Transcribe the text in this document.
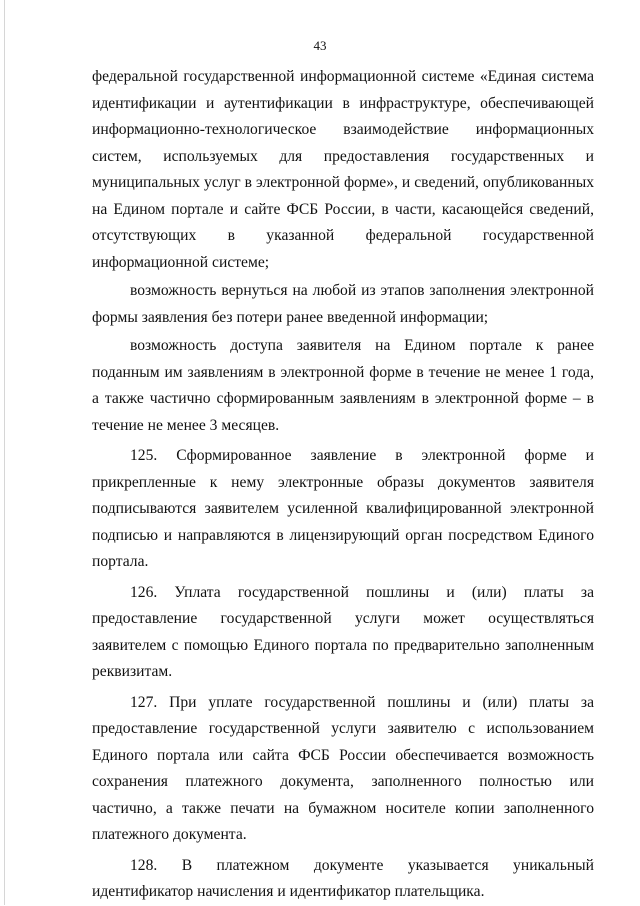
43

федеральной государственной информационной системе «Единая система идентификации и аутентификации в инфраструктуре, обеспечивающей информационно-технологическое взаимодействие информационных систем, используемых для предоставления государственных и муниципальных услуг в электронной форме», и сведений, опубликованных на Едином портале и сайте ФСБ России, в части, касающейся сведений, отсутствующих в указанной федеральной государственной информационной системе;

возможность вернуться на любой из этапов заполнения электронной формы заявления без потери ранее введенной информации;

возможность доступа заявителя на Едином портале к ранее поданным им заявлениям в электронной форме в течение не менее 1 года, а также частично сформированным заявлениям в электронной форме – в течение не менее 3 месяцев.

125. Сформированное заявление в электронной форме и прикрепленные к нему электронные образы документов заявителя подписываются заявителем усиленной квалифицированной электронной подписью и направляются в лицензирующий орган посредством Единого портала.

126. Уплата государственной пошлины и (или) платы за предоставление государственной услуги может осуществляться заявителем с помощью Единого портала по предварительно заполненным реквизитам.

127. При уплате государственной пошлины и (или) платы за предоставление государственной услуги заявителю с использованием Единого портала или сайта ФСБ России обеспечивается возможность сохранения платежного документа, заполненного полностью или частично, а также печати на бумажном носителе копии заполненного платежного документа.

128. В платежном документе указывается уникальный идентификатор начисления и идентификатор плательщика.
